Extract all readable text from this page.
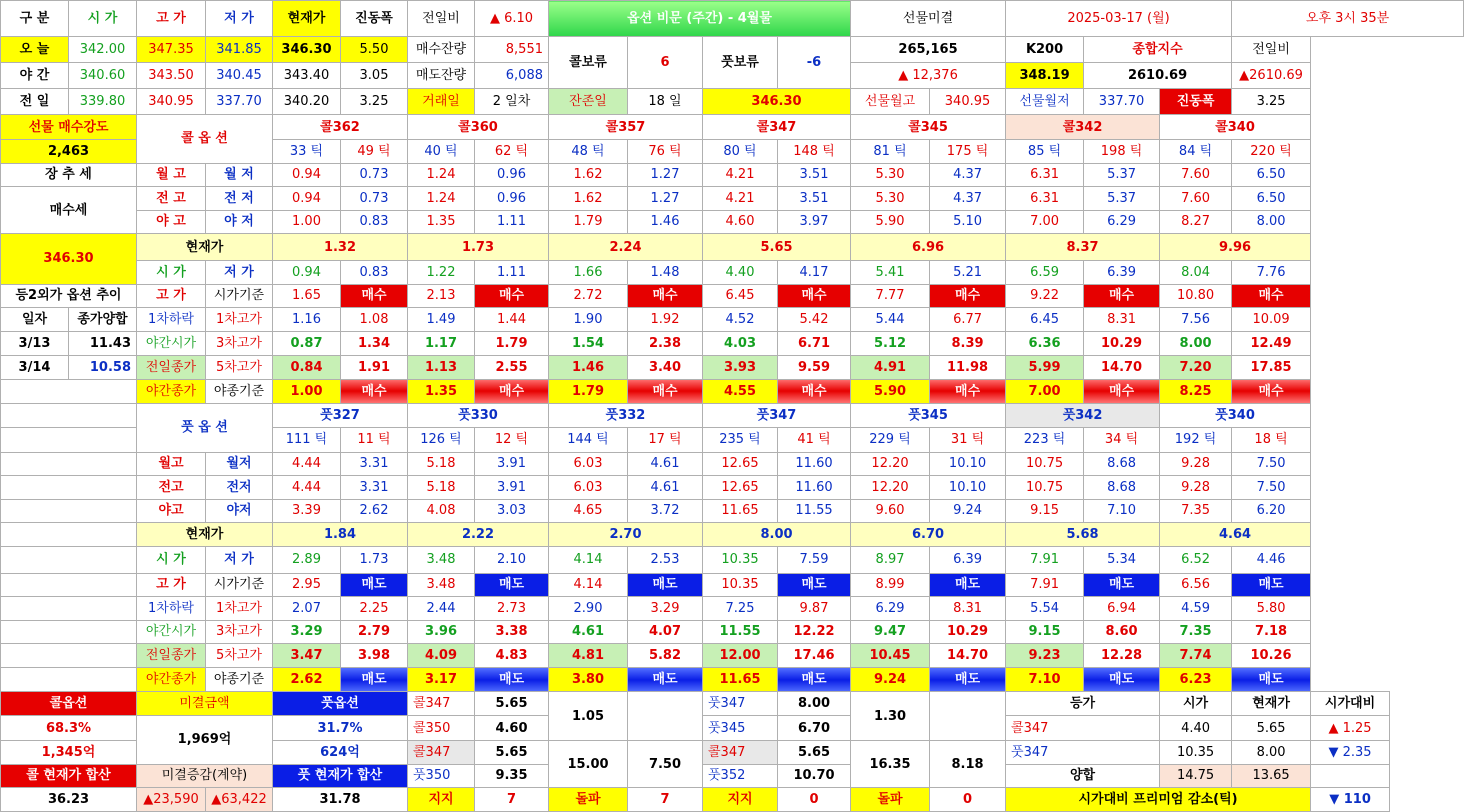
구 분	시 가	고 가	저 가	현재가	진동폭	전일비	▲ 6.10	옵션 비문 (주간) - 4월물				선물미결		2025-03-17 (월)			오후 3시 35분	
오 늘	342.00	347.35	341.85	346.30	5.50	매수잔량	8,551	콜보류	6	풋보류	-6	265,165		K200	종합지수		전일비	
야 간	340.60	343.50	340.45	343.40	3.05	매도잔량	6,088					▲ 12,376		348.19	2610.69		▲2610.69	
전 일	339.80	340.95	337.70	340.20	3.25	거래일	2 일차	잔존일	18 일	346.30		선물월고	340.95	선물월저	337.70	진동폭	3.25	
선물 매수강도		콜 옵 션		콜362		콜360		콜357		콜347		콜345		콜342		콜340		
2,463				33 틱	49 틱	40 틱	62 틱	48 틱	76 틱	80 틱	148 틱	81 틱	175 틱	85 틱	198 틱	84 틱	220 틱	
장 추 세		월 고	월 저	0.94	0.73	1.24	0.96	1.62	1.27	4.21	3.51	5.30	4.37	6.31	5.37	7.60	6.50	
매수세		전 고	전 저	0.94	0.73	1.24	0.96	1.62	1.27	4.21	3.51	5.30	4.37	6.31	5.37	7.60	6.50	
		야 고	야 저	1.00	0.83	1.35	1.11	1.79	1.46	4.60	3.97	5.90	5.10	7.00	6.29	8.27	8.00	
346.30		현재가		1.32		1.73		2.24		5.65		6.96		8.37		9.96		
		시 가	저 가	0.94	0.83	1.22	1.11	1.66	1.48	4.40	4.17	5.41	5.21	6.59	6.39	8.04	7.76	
등2외가 옵션 추이		고 가	시가기준	1.65	매수	2.13	매수	2.72	매수	6.45	매수	7.77	매수	9.22	매수	10.80	매수	
일자	종가양합	1차하락	1차고가	1.16	1.08	1.49	1.44	1.90	1.92	4.52	5.42	5.44	6.77	6.45	8.31	7.56	10.09	
3/13	11.43	야간시가	3차고가	0.87	1.34	1.17	1.79	1.54	2.38	4.03	6.71	5.12	8.39	6.36	10.29	8.00	12.49	
3/14	10.58	전일종가	5차고가	0.84	1.91	1.13	2.55	1.46	3.40	3.93	9.59	4.91	11.98	5.99	14.70	7.20	17.85	
		야간종가	야종기준	1.00	매수	1.35	매수	1.79	매수	4.55	매수	5.90	매수	7.00	매수	8.25	매수	
		풋 옵 션		풋327		풋330		풋332		풋347		풋345		풋342		풋340		
				111 틱	11 틱	126 틱	12 틱	144 틱	17 틱	235 틱	41 틱	229 틱	31 틱	223 틱	34 틱	192 틱	18 틱	
		월고	월저	4.44	3.31	5.18	3.91	6.03	4.61	12.65	11.60	12.20	10.10	10.75	8.68	9.28	7.50	
		전고	전저	4.44	3.31	5.18	3.91	6.03	4.61	12.65	11.60	12.20	10.10	10.75	8.68	9.28	7.50	
		야고	야저	3.39	2.62	4.08	3.03	4.65	3.72	11.65	11.55	9.60	9.24	9.15	7.10	7.35	6.20	
		현재가		1.84		2.22		2.70		8.00		6.70		5.68		4.64		
		시 가	저 가	2.89	1.73	3.48	2.10	4.14	2.53	10.35	7.59	8.97	6.39	7.91	5.34	6.52	4.46	
		고 가	시가기준	2.95	매도	3.48	매도	4.14	매도	10.35	매도	8.99	매도	7.91	매도	6.56	매도	
		1차하락	1차고가	2.07	2.25	2.44	2.73	2.90	3.29	7.25	9.87	6.29	8.31	5.54	6.94	4.59	5.80	
		야간시가	3차고가	3.29	2.79	3.96	3.38	4.61	4.07	11.55	12.22	9.47	10.29	9.15	8.60	7.35	7.18	
		전일종가	5차고가	3.47	3.98	4.09	4.83	4.81	5.82	12.00	17.46	10.45	14.70	9.23	12.28	7.74	10.26	
		야간종가	야종기준	2.62	매도	3.17	매도	3.80	매도	11.65	매도	9.24	매도	7.10	매도	6.23	매도	
콜옵션		미결금액		풋옵션		콜347	5.65	1.05		풋347	8.00	1.30		등가		시가	현재가	시가대비
68.3%		1,969억		31.7%		콜350	4.60			풋345	6.70			콜347		4.40	5.65	▲ 1.25
1,345억				624억		콜347	5.65	15.00	7.50	콜347	5.65	16.35	8.18	풋347		10.35	8.00	▼ 2.35
콜 현재가 합산		미결증감(계약)		풋 현재가 합산		풋350	9.35			풋352	10.70			양합		14.75	13.65	
36.23		▲23,590	▲63,422	31.78		지지	7	돌파	7	지지	0	돌파	0	시가대비 프리미엄 감소(틱)				▼ 110
